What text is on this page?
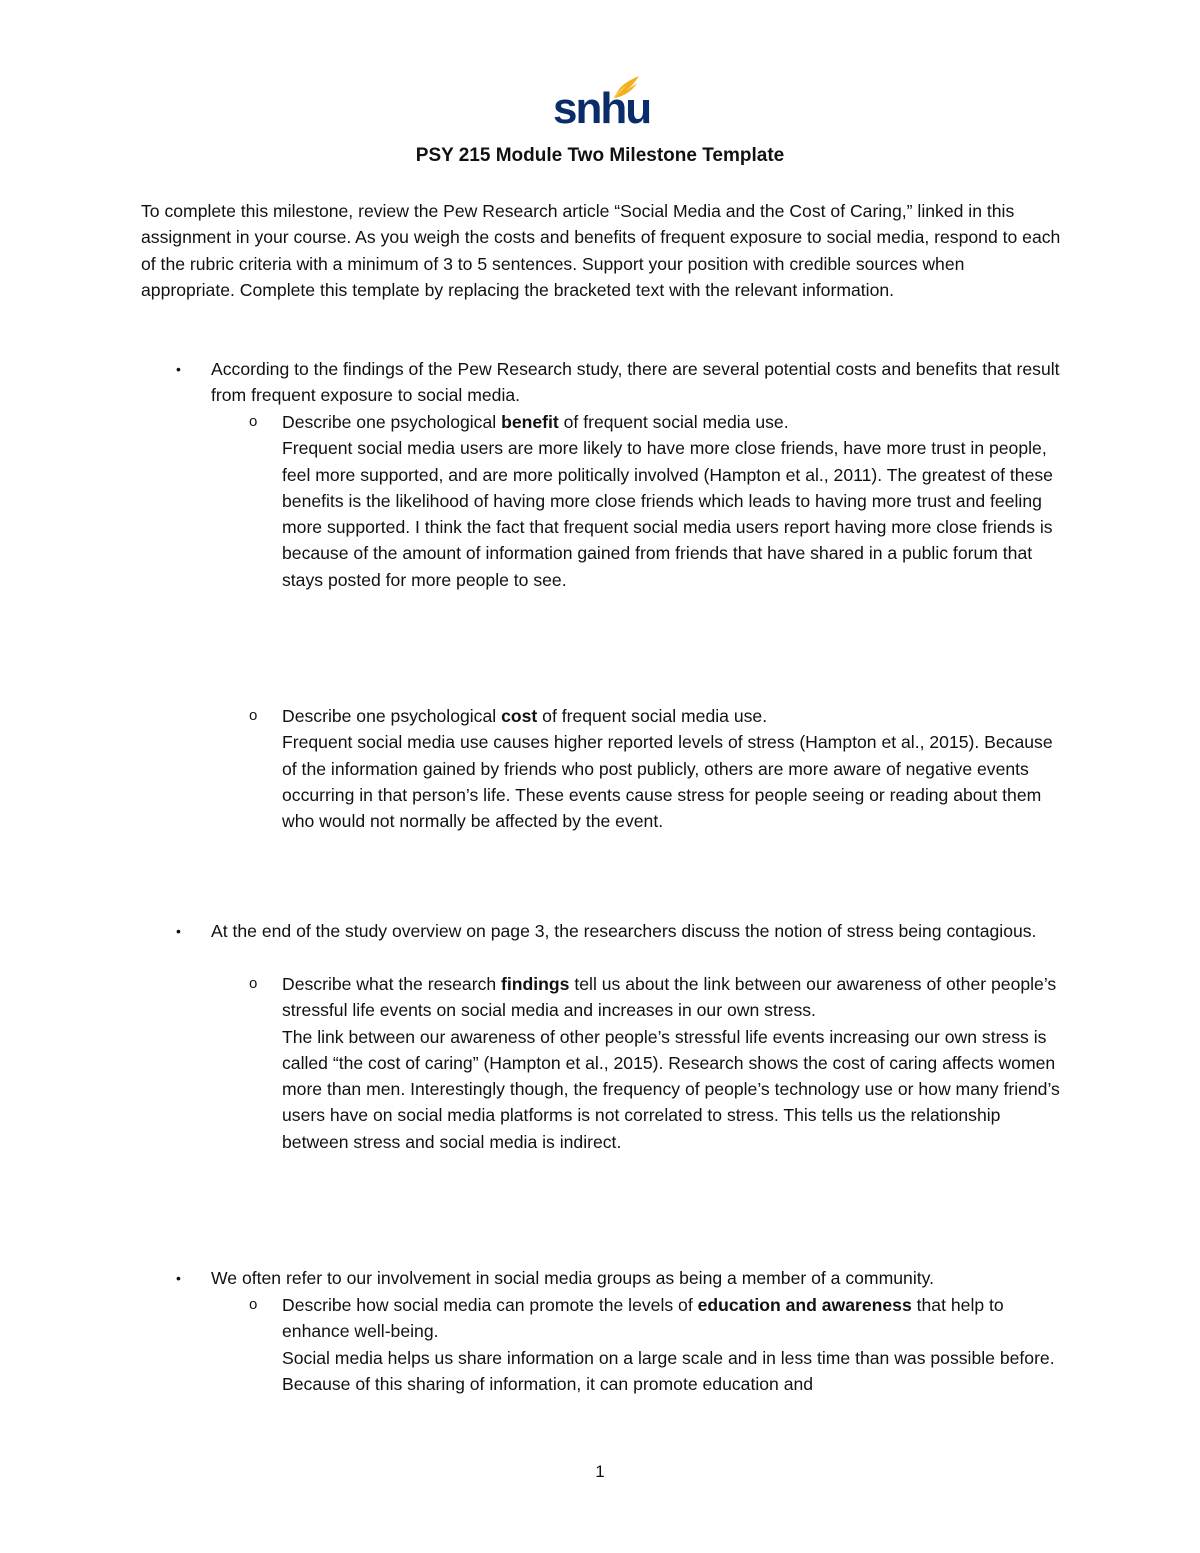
snhu
PSY 215 Module Two Milestone Template
To complete this milestone, review the Pew Research article “Social Media and the Cost of Caring,” linked in this assignment in your course. As you weigh the costs and benefits of frequent exposure to social media, respond to each of the rubric criteria with a minimum of 3 to 5 sentences. Support your position with credible sources when appropriate. Complete this template by replacing the bracketed text with the relevant information.
• According to the findings of the Pew Research study, there are several potential costs and benefits that result from frequent exposure to social media.
o Describe one psychological benefit of frequent social media use.

Frequent social media users are more likely to have more close friends, have more trust in people, feel more supported, and are more politically involved (Hampton et al., 2011). The greatest of these benefits is the likelihood of having more close friends which leads to having more trust and feeling more supported. I think the fact that frequent social media users report having more close friends is because of the amount of information gained from friends that have shared in a public forum that stays posted for more people to see.

o Describe one psychological cost of frequent social media use.

Frequent social media use causes higher reported levels of stress (Hampton et al., 2015). Because of the information gained by friends who post publicly, others are more aware of negative events occurring in that person’s life. These events cause stress for people seeing or reading about them who would not normally be affected by the event.

• At the end of the study overview on page 3, the researchers discuss the notion of stress being contagious.
o Describe what the research findings tell us about the link between our awareness of other people’s stressful life events on social media and increases in our own stress.

The link between our awareness of other people’s stressful life events increasing our own stress is called “the cost of caring” (Hampton et al., 2015). Research shows the cost of caring affects women more than men. Interestingly though, the frequency of people’s technology use or how many friend’s users have on social media platforms is not correlated to stress. This tells us the relationship between stress and social media is indirect.

• We often refer to our involvement in social media groups as being a member of a community.
o Describe how social media can promote the levels of education and awareness that help to enhance well-being.

Social media helps us share information on a large scale and in less time than was possible before. Because of this sharing of information, it can promote education and

1
